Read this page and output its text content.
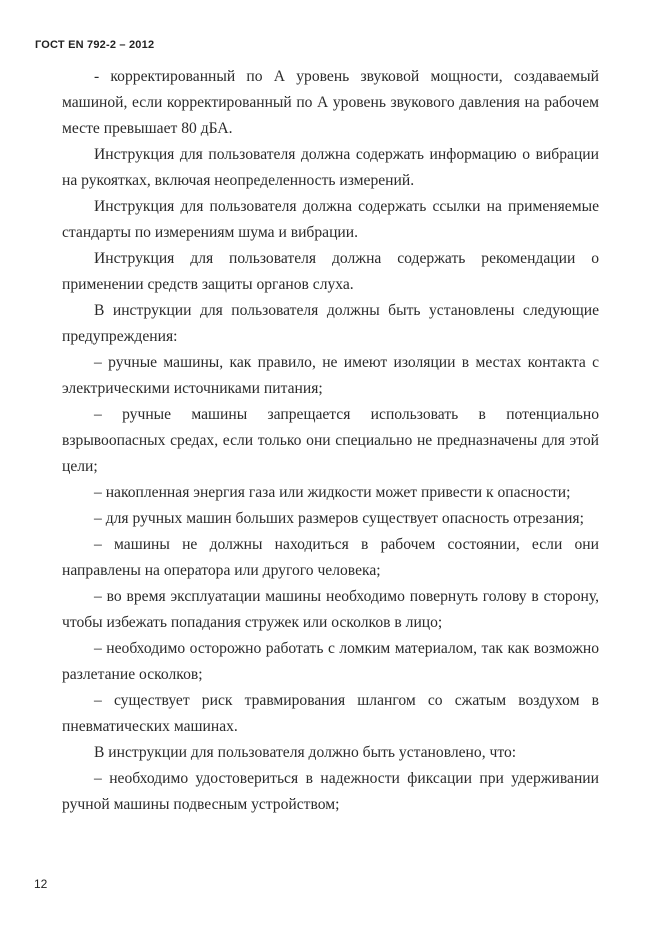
ГОСТ EN 792-2 – 2012

- корректированный по А уровень звуковой мощности, создаваемый машиной, если корректированный по А уровень звукового давления на рабочем месте превышает 80 дБА.

Инструкция для пользователя должна содержать информацию о вибрации на рукоятках, включая неопределенность измерений.

Инструкция для пользователя должна содержать ссылки на применяемые стандарты по измерениям шума и вибрации.

Инструкция для пользователя должна содержать рекомендации о применении средств защиты органов слуха.

В инструкции для пользователя должны быть установлены следующие предупреждения:

– ручные машины, как правило, не имеют изоляции в местах контакта с электрическими источниками питания;

– ручные машины запрещается использовать в потенциально взрывоопасных средах, если только они специально не предназначены для этой цели;

– накопленная энергия газа или жидкости может привести к опасности;

– для ручных машин больших размеров существует опасность отрезания;

– машины не должны находиться в рабочем состоянии, если они направлены на оператора или другого человека;

– во время эксплуатации машины необходимо повернуть голову в сторону, чтобы избежать попадания стружек или осколков в лицо;

– необходимо осторожно работать с ломким материалом, так как возможно разлетание осколков;

– существует риск травмирования шлангом со сжатым воздухом в пневматических машинах.

В инструкции для пользователя должно быть установлено, что:

– необходимо удостовериться в надежности фиксации при удерживании ручной машины подвесным устройством;

12
